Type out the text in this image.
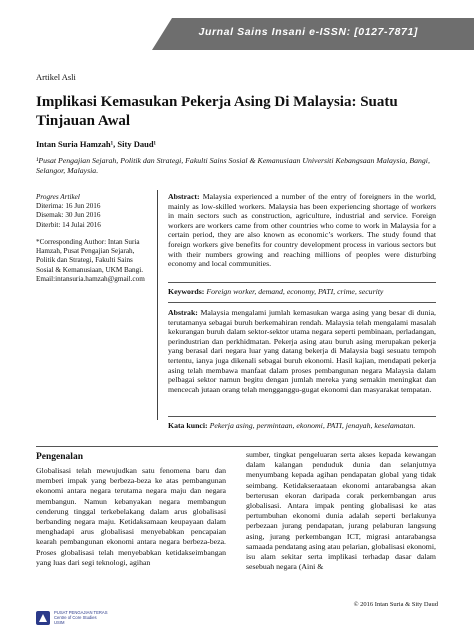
Jurnal Sains Insani e-ISSN: [0127-7871]
Artikel Asli
Implikasi Kemasukan Pekerja Asing Di Malaysia: Suatu Tinjauan Awal
Intan Suria Hamzah¹, Sity Daud¹
¹Pusat Pengajian Sejarah, Politik dan Strategi, Fakulti Sains Sosial & Kemanusiaan Universiti Kebangsaan Malaysia, Bangi, Selangor, Malaysia.
Progres Artikel
Diterima: 16 Jun 2016
Disemak: 30 Jun 2016
Diterbit: 14 Julai 2016
*Corresponding Author: Intan Suria
Hamzah, Pusat Pengajian Sejarah,
Politik dan Strategi, Fakulti Sains
Sosial & Kemanusiaan, UKM Bangi.
Email:intansuria.hamzah@gmail.com
Abstract: Malaysia experienced a number of the entry of foreigners in the world, mainly as low-skilled workers. Malaysia has been experiencing shortage of workers in main sectors such as construction, agriculture, industrial and service. Foreign workers are workers came from other countries who come to work in Malaysia for a certain period, they are also known as economic’s workers. The study found that foreign workers give benefits for country development process in various sectors but with their numbers growing and reaching millions of peoples were disturbing economy and local communities.
Keywords: Foreign worker, demand, economy, PATI, crime, security
Abstrak: Malaysia mengalami jumlah kemasukan warga asing yang besar di dunia, terutamanya sebagai buruh berkemahiran rendah. Malaysia telah mengalami masalah kekurangan buruh dalam sektor-sektor utama negara seperti pembinaan, perladangan, perindustrian dan perkhidmatan. Pekerja asing atau buruh asing merupakan pekerja yang berasal dari negara luar yang datang bekerja di Malaysia bagi sesuatu tempoh tertentu, ianya juga dikenali sebagai buruh ekonomi. Hasil kajian, mendapati pekerja asing telah membawa manfaat dalam proses pembangunan negara Malaysia dalam pelbagai sektor namun begitu dengan jumlah mereka yang semakin meningkat dan mencecah jutaan orang telah mengganggu-gugat ekonomi dan masyarakat tempatan.
Kata kunci: Pekerja asing, permintaan, ekonomi, PATI, jenayah, keselamatan.
Pengenalan
Globalisasi telah mewujudkan satu fenomena baru dan memberi impak yang berbeza-beza ke atas pembangunan ekonomi antara negara terutama negara maju dan negara membangun. Namun kebanyakan negara membangun cenderung tinggal terkebelakang dalam arus globalisasi berbanding negara maju. Ketidaksamaan keupayaan dalam menghadapi arus globalisasi menyebabkan pencapaian kearah pembangunan ekonomi antara negara berbeza-beza. Proses globalisasi telah menyebabkan ketidakseimbangan yang luas dari segi teknologi, agihan
sumber, tingkat pengeluaran serta akses kepada kewangan dalam kalangan penduduk dunia dan selanjutnya menyumbang kepada agihan pendapatan global yang tidak seimbang. Ketidakseraataan ekonomi antarabangsa akan berterusan ekoran daripada corak perkembangan arus globalisasi. Antara impak penting globalisasi ke atas pertumbuhan ekonomi dunia adalah seperti berlakunya perbezaan jurang pendapatan, jurang pelaburan langsung asing, jurang perkembangan ICT, migrasi antarabangsa samaada pendatang asing atau pelarian, globalisasi ekonomi, isu alam sekitar serta implikasi terhadap dasar dalam sesebuah negara (Aini &
© 2016 Intan Suria & Sity Daud
PUSAT PENGAJIAN TERAS
Centre of Core Studies
USIM
